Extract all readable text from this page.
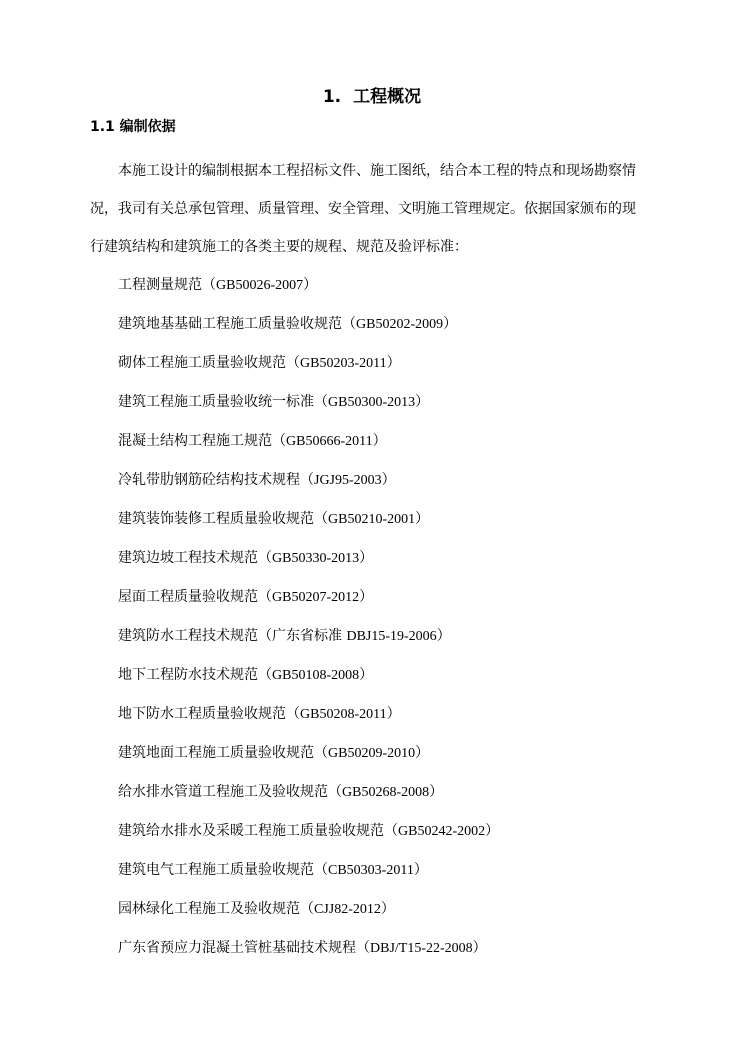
1. 工程概况
1.1 编制依据
本施工设计的编制根据本工程招标文件、施工图纸，结合本工程的特点和现场勘察情
况，我司有关总承包管理、质量管理、安全管理、文明施工管理规定。依据国家颁布的现
行建筑结构和建筑施工的各类主要的规程、规范及验评标准：
工程测量规范（GB50026-2007）
建筑地基基础工程施工质量验收规范（GB50202-2009）
砌体工程施工质量验收规范（GB50203-2011）
建筑工程施工质量验收统一标准（GB50300-2013）
混凝土结构工程施工规范（GB50666-2011）
冷轧带肋钢筋砼结构技术规程（JGJ95-2003）
建筑装饰装修工程质量验收规范（GB50210-2001）
建筑边坡工程技术规范（GB50330-2013）
屋面工程质量验收规范（GB50207-2012）
建筑防水工程技术规范（广东省标准 DBJ15-19-2006）
地下工程防水技术规范（GB50108-2008）
地下防水工程质量验收规范（GB50208-2011）
建筑地面工程施工质量验收规范（GB50209-2010）
给水排水管道工程施工及验收规范（GB50268-2008）
建筑给水排水及采暖工程施工质量验收规范（GB50242-2002）
建筑电气工程施工质量验收规范（CB50303-2011）
园林绿化工程施工及验收规范（CJJ82-2012）
广东省预应力混凝土管桩基础技术规程（DBJ/T15-22-2008）
